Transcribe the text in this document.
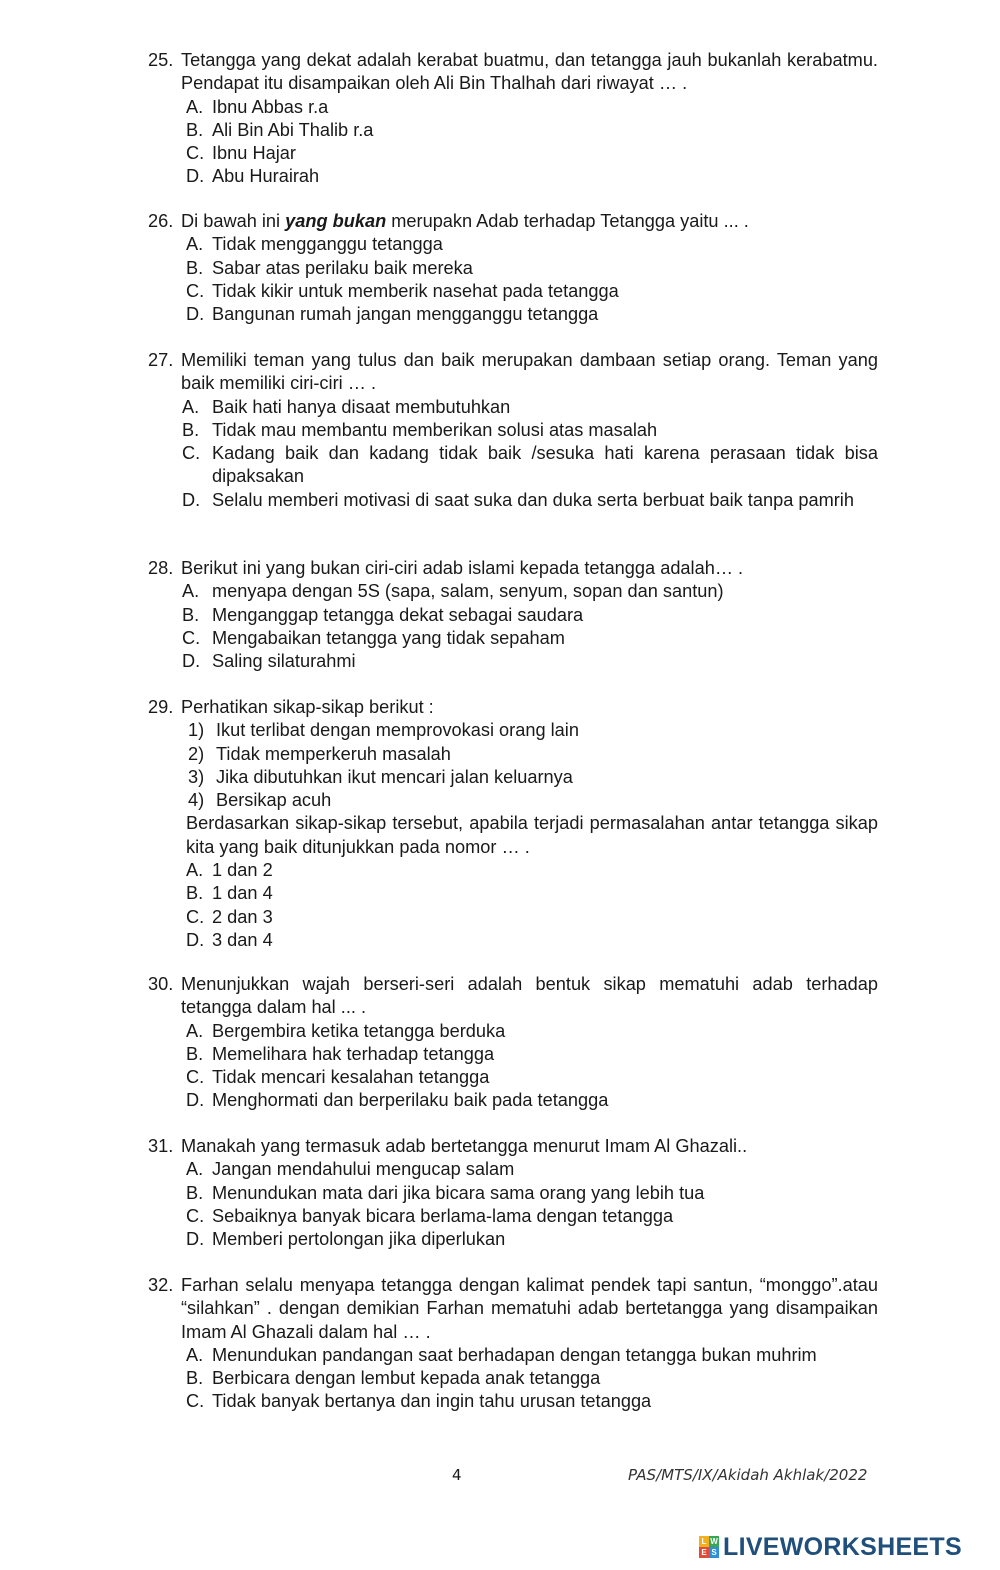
25. Tetangga yang dekat adalah kerabat buatmu, dan tetangga jauh bukanlah kerabatmu. Pendapat itu disampaikan oleh Ali Bin Thalhah dari riwayat … .
A. Ibnu Abbas r.a
B. Ali Bin Abi Thalib r.a
C. Ibnu Hajar
D. Abu Hurairah
26. Di bawah ini yang bukan merupakn Adab terhadap Tetangga yaitu ... .
A. Tidak mengganggu tetangga
B. Sabar atas perilaku baik mereka
C. Tidak kikir untuk memberik nasehat pada tetangga
D. Bangunan rumah jangan mengganggu tetangga
27. Memiliki teman yang tulus dan baik merupakan dambaan setiap orang. Teman yang baik memiliki ciri-ciri … .
A. Baik hati hanya disaat membutuhkan
B. Tidak mau membantu memberikan solusi atas masalah
C. Kadang baik dan kadang tidak baik /sesuka hati karena perasaan tidak bisa dipaksakan
D. Selalu memberi motivasi di saat suka dan duka serta berbuat baik tanpa pamrih
28. Berikut ini yang bukan ciri-ciri adab islami kepada tetangga adalah… .
A. menyapa dengan 5S (sapa, salam, senyum, sopan dan santun)
B. Menganggap tetangga dekat sebagai saudara
C. Mengabaikan tetangga yang tidak sepaham
D. Saling silaturahmi
29. Perhatikan sikap-sikap berikut :
1) Ikut terlibat dengan memprovokasi orang lain
2) Tidak memperkeruh masalah
3) Jika dibutuhkan ikut mencari jalan keluarnya
4) Bersikap acuh
Berdasarkan sikap-sikap tersebut, apabila terjadi permasalahan antar tetangga sikap kita yang baik ditunjukkan pada nomor … .
A. 1 dan 2
B. 1 dan 4
C. 2 dan 3
D. 3 dan 4
30. Menunjukkan wajah berseri-seri adalah bentuk sikap mematuhi adab terhadap tetangga dalam hal ... .
A. Bergembira ketika tetangga berduka
B. Memelihara hak terhadap tetangga
C. Tidak mencari kesalahan tetangga
D. Menghormati dan berperilaku baik pada tetangga
31. Manakah yang termasuk adab bertetangga menurut Imam Al Ghazali..
A. Jangan mendahului mengucap salam
B. Menundukan mata dari jika bicara sama orang yang lebih tua
C. Sebaiknya banyak bicara berlama-lama dengan tetangga
D. Memberi pertolongan jika diperlukan
32. Farhan selalu menyapa tetangga dengan kalimat pendek tapi santun, “monggo”.atau “silahkan” . dengan demikian Farhan mematuhi adab bertetangga yang disampaikan Imam Al Ghazali dalam hal … .
A. Menundukan pandangan saat berhadapan dengan tetangga bukan muhrim
B. Berbicara dengan lembut kepada anak tetangga
C. Tidak banyak bertanya dan ingin tahu urusan tetangga
4	PAS/MTS/IX/Akidah Akhlak/2022
L W
E S LIVEWORKSHEETS
